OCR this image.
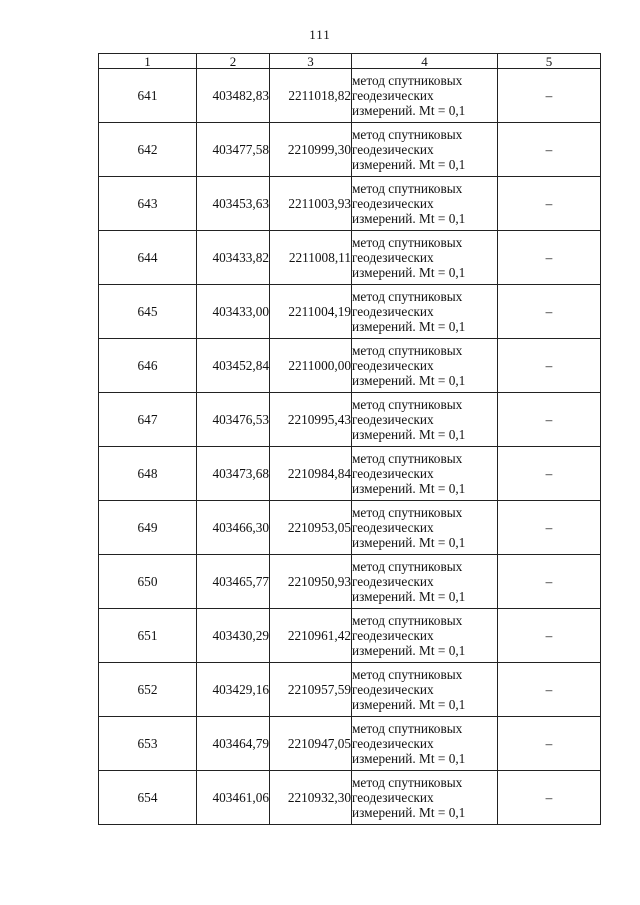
111
1	2	3	4	5
641	403482,83	2211018,82	метод спутниковых
геодезических
измерений. Mt = 0,1	–
642	403477,58	2210999,30	метод спутниковых
геодезических
измерений. Mt = 0,1	–
643	403453,63	2211003,93	метод спутниковых
геодезических
измерений. Mt = 0,1	–
644	403433,82	2211008,11	метод спутниковых
геодезических
измерений. Mt = 0,1	–
645	403433,00	2211004,19	метод спутниковых
геодезических
измерений. Mt = 0,1	–
646	403452,84	2211000,00	метод спутниковых
геодезических
измерений. Mt = 0,1	–
647	403476,53	2210995,43	метод спутниковых
геодезических
измерений. Mt = 0,1	–
648	403473,68	2210984,84	метод спутниковых
геодезических
измерений. Mt = 0,1	–
649	403466,30	2210953,05	метод спутниковых
геодезических
измерений. Mt = 0,1	–
650	403465,77	2210950,93	метод спутниковых
геодезических
измерений. Mt = 0,1	–
651	403430,29	2210961,42	метод спутниковых
геодезических
измерений. Mt = 0,1	–
652	403429,16	2210957,59	метод спутниковых
геодезических
измерений. Mt = 0,1	–
653	403464,79	2210947,05	метод спутниковых
геодезических
измерений. Mt = 0,1	–
654	403461,06	2210932,30	метод спутниковых
геодезических
измерений. Mt = 0,1	–
